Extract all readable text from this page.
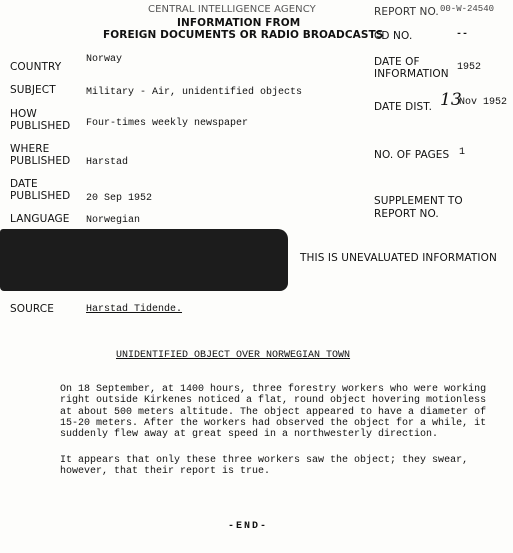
CENTRAL INTELLIGENCE AGENCY
INFORMATION FROM
FOREIGN DOCUMENTS OR RADIO BROADCASTS
REPORT NO. 00-W-24540
CD NO.	--
COUNTRY
Norway
SUBJECT	Military - Air, unidentified objects
HOW
PUBLISHED Four-times weekly newspaper
WHERE
PUBLISHED Harstad
DATE
PUBLISHED 20 Sep 1952
LANGUAGE Norwegian
DATE OF
INFORMATION
1952
DATE DIST. 13
Nov 1952
NO. OF PAGES 1
SUPPLEMENT TO
REPORT NO.
THIS IS UNEVALUATED INFORMATION
SOURCE	Harstad Tidende.
UNIDENTIFIED OBJECT OVER NORWEGIAN TOWN
On 18 September, at 1400 hours, three forestry workers who were working right outside Kirkenes noticed a flat, round object hovering motionless at about 500 meters altitude. The object appeared to have a diameter of 15-20 meters. After the workers had observed the object for a while, it suddenly flew away at great speed in a northwesterly direction.
It appears that only these three workers saw the object; they swear, however, that their report is true.
-END-
